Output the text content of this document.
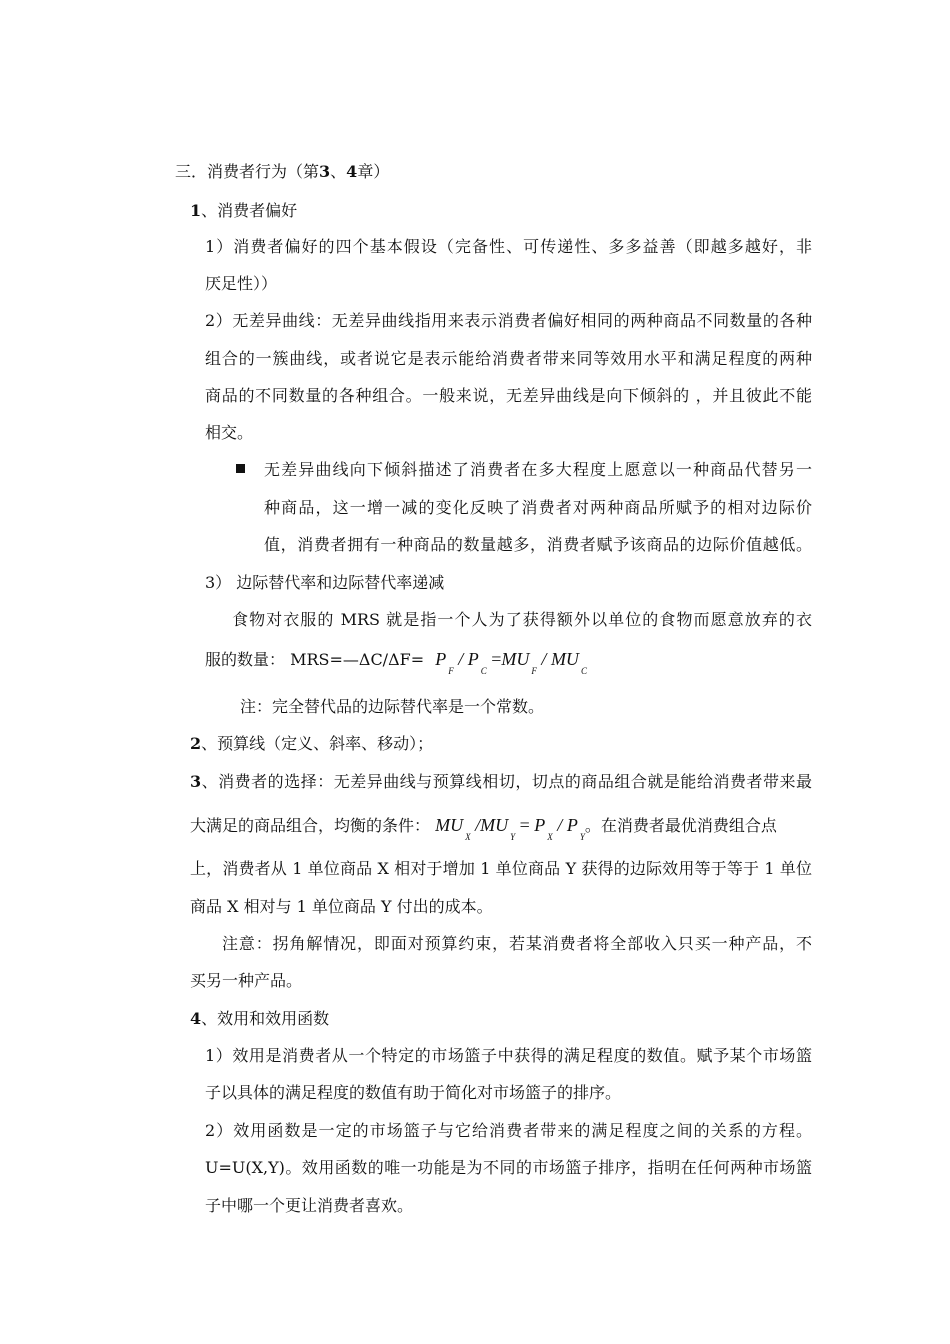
三．消费者行为（第3、4章）
1、消费者偏好
1）消费者偏好的四个基本假设（完备性、可传递性、多多益善（即越多越好，非
厌足性））
2）无差异曲线：无差异曲线指用来表示消费者偏好相同的两种商品不同数量的各种
组合的一簇曲线，或者说它是表示能给消费者带来同等效用水平和满足程度的两种
商品的不同数量的各种组合。一般来说，无差异曲线是向下倾斜的 ，并且彼此不能
相交。
无差异曲线向下倾斜描述了消费者在多大程度上愿意以一种商品代替另一
种商品，这一增一减的变化反映了消费者对两种商品所赋予的相对边际价
值，消费者拥有一种商品的数量越多，消费者赋予该商品的边际价值越低。
3） 边际替代率和边际替代率递减
食物对衣服的 MRS 就是指一个人为了获得额外以单位的食物而愿意放弃的衣
服的数量： MRS=—ΔC/ΔF= $P_F / P_C =MU_F / MU_C$
注：完全替代品的边际替代率是一个常数。
2、预算线（定义、斜率、移动）；
3、消费者的选择：无差异曲线与预算线相切，切点的商品组合就是能给消费者带来最
大满足的商品组合，均衡的条件： $MU_X$ $/MU_Y = P_X / P_Y$。在消费者最优消费组合点
上，消费者从 1 单位商品 X 相对于增加 1 单位商品 Y 获得的边际效用等于等于 1 单位
商品 X 相对与 1 单位商品 Y 付出的成本。
注意：拐角解情况，即面对预算约束，若某消费者将全部收入只买一种产品，不
买另一种产品。
4、效用和效用函数
1）效用是消费者从一个特定的市场篮子中获得的满足程度的数值。赋予某个市场篮
子以具体的满足程度的数值有助于简化对市场篮子的排序。
2）效用函数是一定的市场篮子与它给消费者带来的满足程度之间的关系的方程。
U=U(X,Y)。效用函数的唯一功能是为不同的市场篮子排序，指明在任何两种市场篮
子中哪一个更让消费者喜欢。
